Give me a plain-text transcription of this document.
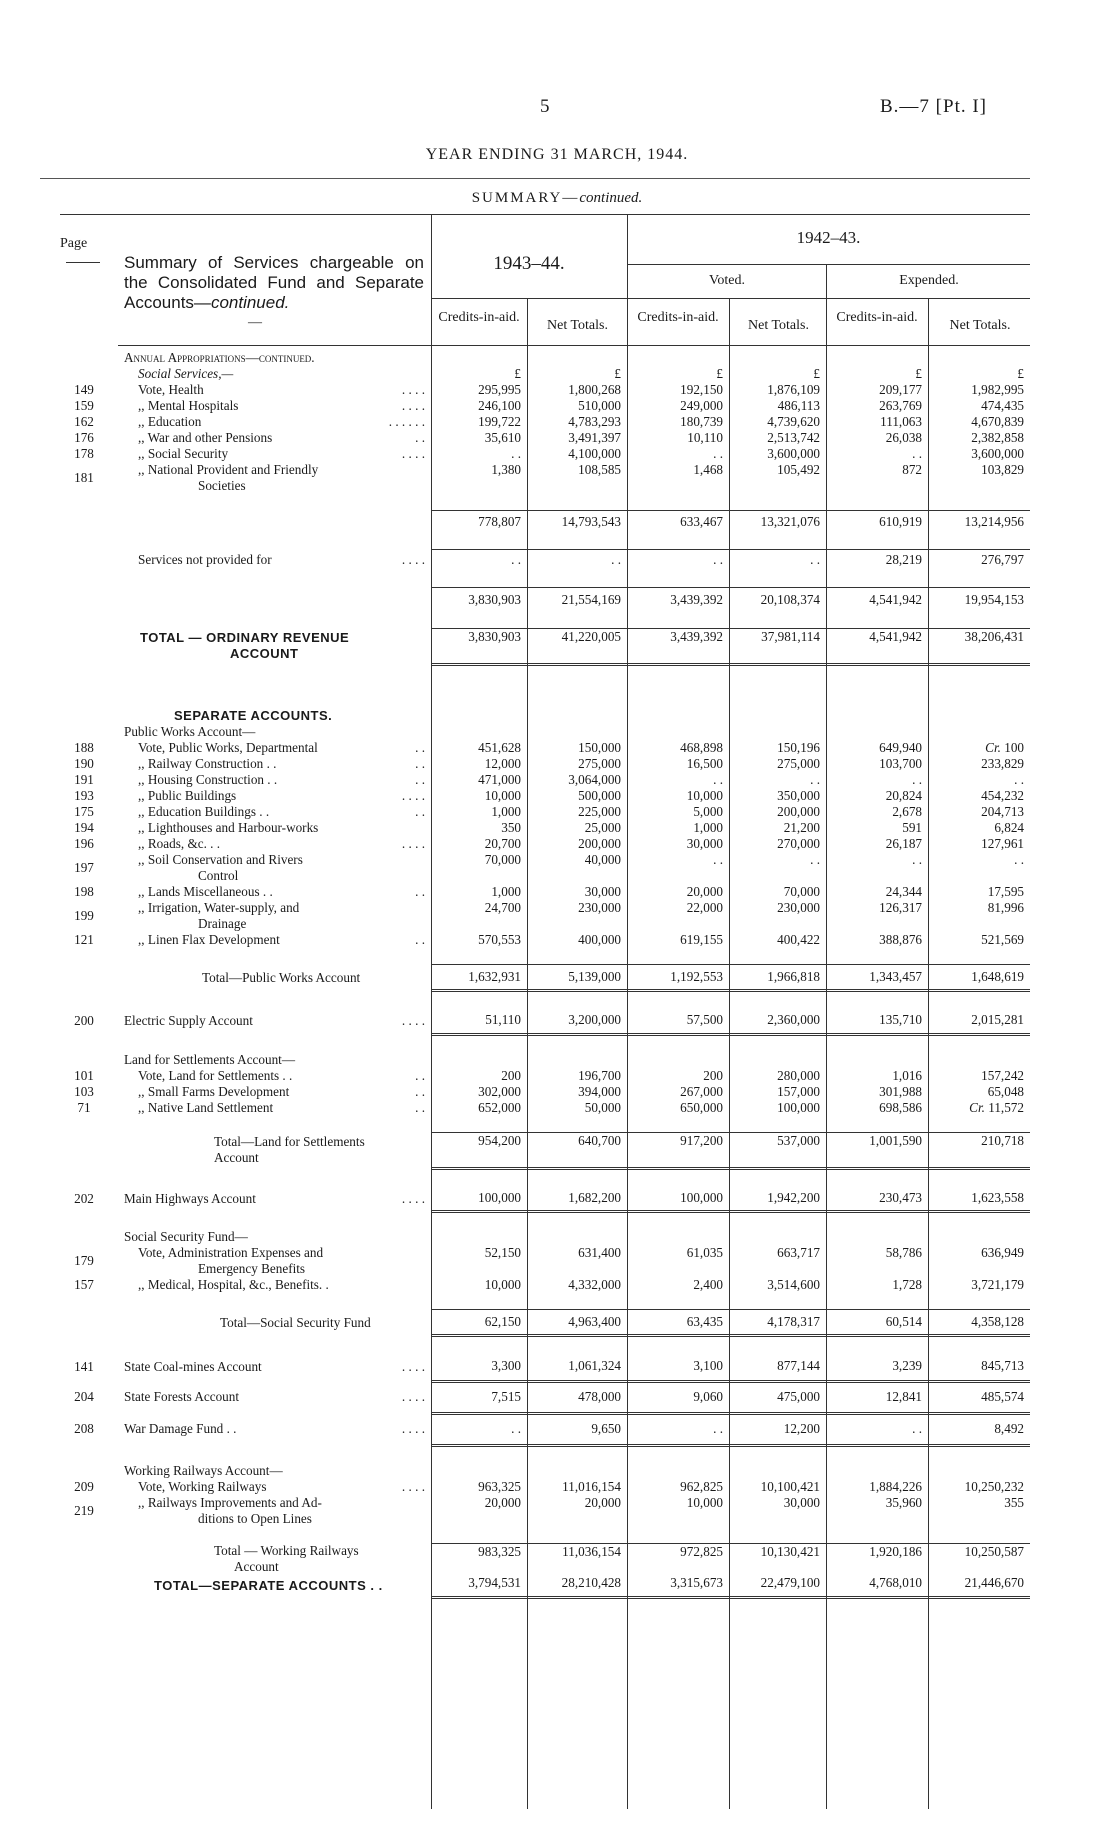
5	B.—7 [Pt. I]
YEAR ENDING 31 MARCH, 1944.
SUMMARY—continued.
Page
Summary of Services chargeable on the Consolidated Fund and Separate Accounts—continued.
—
1943–44.
1942–43.
Voted.	Expended.
Credits-in-aid.
Net Totals.
Credits-in-aid.
Net Totals.
Credits-in-aid.
Net Totals.
		Annual Appropriations—continued.						
		Social Services,—	£	£	£	£	£	£
149		Vote, Health . . . .	295,995	1,800,268	192,150	1,876,109	209,177	1,982,995
159		,, Mental Hospitals . . . .	246,100	510,000	249,000	486,113	263,769	474,435
162		,, Education . . . . . .	199,722	4,783,293	180,739	4,739,620	111,063	4,670,839
176		,, War and other Pensions . .	35,610	3,491,397	10,110	2,513,742	26,038	2,382,858
178		,, Social Security . . . .	. .	4,100,000	. .	3,600,000	. .	3,600,000
181		,, National Provident and Friendly
Societies	1,380	108,585	1,468	105,492	872	103,829

			778,807	14,793,543	633,467	13,321,076	610,919	13,214,956

		Services not provided for . . . .	. .	. .	. .	. .	28,219	276,797

			3,830,903	21,554,169	3,439,392	20,108,374	4,541,942	19,954,153

		TOTAL — ORDINARY REVENUE
ACCOUNT	3,830,903	41,220,005	3,439,392	37,981,114	4,541,942	38,206,431

		SEPARATE ACCOUNTS.						

		Public Works Account—						
188		Vote, Public Works, Departmental . .	451,628	150,000	468,898	150,196	649,940	Cr. 100
190		,, Railway Construction . . . .	12,000	275,000	16,500	275,000	103,700	233,829
191		,, Housing Construction . . . .	471,000	3,064,000	. .	. .	. .	. .
193		,, Public Buildings . . . .	10,000	500,000	10,000	350,000	20,824	454,232
175		,, Education Buildings . . . .	1,000	225,000	5,000	200,000	2,678	204,713
194		,, Lighthouses and Harbour-works	350	25,000	1,000	21,200	591	6,824
196		,, Roads, &c. . . . . . .	20,700	200,000	30,000	270,000	26,187	127,961
197		,, Soil Conservation and Rivers
Control	70,000	40,000	. .	. .	. .	. .
198		,, Lands Miscellaneous . . . .	1,000	30,000	20,000	70,000	24,344	17,595
199		,, Irrigation, Water-supply, and
Drainage	24,700	230,000	22,000	230,000	126,317	81,996
121		,, Linen Flax Development . .	570,553	400,000	619,155	400,422	388,876	521,569

		Total—Public Works Account	1,632,931	5,139,000	1,192,553	1,966,818	1,343,457	1,648,619

200		Electric Supply Account . . . .	51,110	3,200,000	57,500	2,360,000	135,710	2,015,281

		Land for Settlements Account—						
101		Vote, Land for Settlements . . . .	200	196,700	200	280,000	1,016	157,242
103		,, Small Farms Development . .	302,000	394,000	267,000	157,000	301,988	65,048
71		,, Native Land Settlement . .	652,000	50,000	650,000	100,000	698,586	Cr. 11,572

		Total—Land for Settlements
Account	954,200	640,700	917,200	537,000	1,001,590	210,718

202		Main Highways Account . . . .	100,000	1,682,200	100,000	1,942,200	230,473	1,623,558

		Social Security Fund—						
179		Vote, Administration Expenses and
Emergency Benefits	52,150	631,400	61,035	663,717	58,786	636,949
157		,, Medical, Hospital, &c., Benefits. .	10,000	4,332,000	2,400	3,514,600	1,728	3,721,179

		Total—Social Security Fund	62,150	4,963,400	63,435	4,178,317	60,514	4,358,128

141		State Coal-mines Account . . . .	3,300	1,061,324	3,100	877,144	3,239	845,713
204		State Forests Account . . . .	7,515	478,000	9,060	475,000	12,841	485,574
208		War Damage Fund . . . . . .	. .	9,650	. .	12,200	. .	8,492

		Working Railways Account—						
209		Vote, Working Railways . . . .	963,325	11,016,154	962,825	10,100,421	1,884,226	10,250,232
219		,, Railways Improvements and Ad-
ditions to Open Lines	20,000	20,000	10,000	30,000	35,960	355

		Total — Working Railways
Account	983,325	11,036,154	972,825	10,130,421	1,920,186	10,250,587

		TOTAL—SEPARATE ACCOUNTS . .	3,794,531	28,210,428	3,315,673	22,479,100	4,768,010	21,446,670
